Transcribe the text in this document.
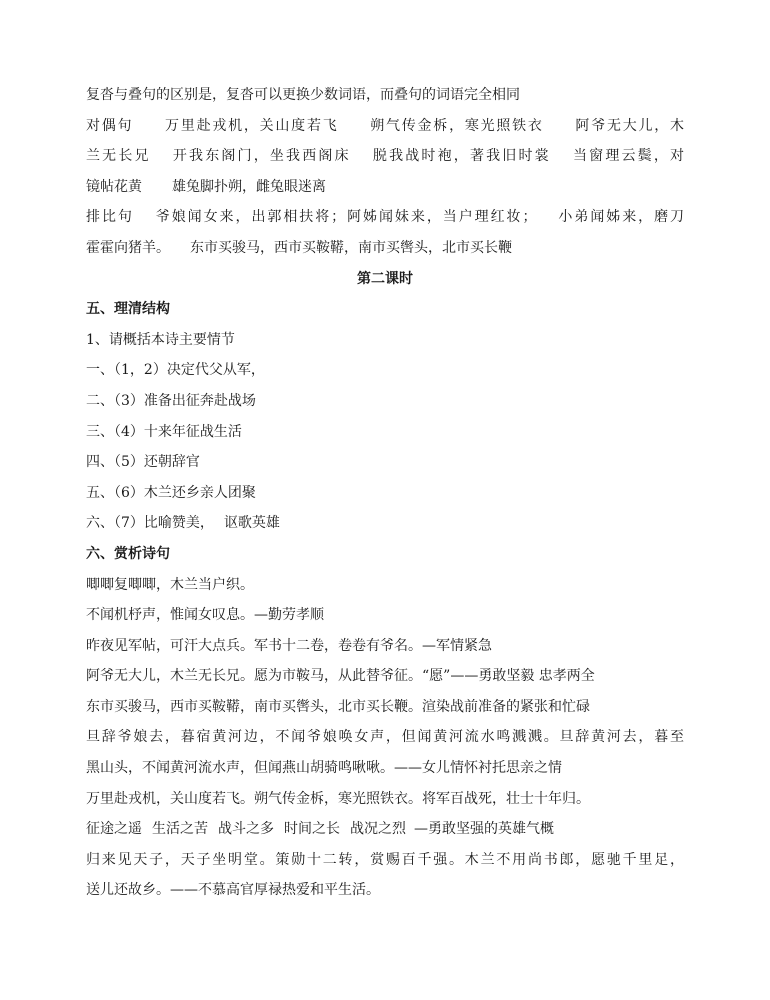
复沓与叠句的区别是，复沓可以更换少数词语，而叠句的词语完全相同
对偶句 万里赴戎机，关山度若飞 朔气传金柝，寒光照铁衣 阿爷无大儿，木
兰无长兄 开我东阁门，坐我西阁床 脱我战时袍，著我旧时裳 当窗理云鬓，对
镜帖花黄 雄兔脚扑朔，雌兔眼迷离
排比句 爷娘闻女来，出郭相扶将；阿姊闻妹来，当户理红妆； 小弟闻姊来，磨刀
霍霍向猪羊。 东市买骏马，西市买鞍鞯，南市买辔头，北市买长鞭
第二课时
五、理清结构
1、请概括本诗主要情节
一、（1，2）决定代父从军，
二、（3）准备出征奔赴战场
三、（4）十来年征战生活
四、（5）还朝辞官
五、（6）木兰还乡亲人团聚
六、（7）比喻赞美， 讴歌英雄
六、赏析诗句
唧唧复唧唧，木兰当户织。
不闻机杼声，惟闻女叹息。—勤劳孝顺
昨夜见军帖，可汗大点兵。军书十二卷，卷卷有爷名。—军情紧急
阿爷无大儿，木兰无长兄。愿为市鞍马，从此替爷征。“愿”——勇敢坚毅 忠孝两全
东市买骏马，西市买鞍鞯，南市买辔头，北市买长鞭。渲染战前准备的紧张和忙碌
旦辞爷娘去，暮宿黄河边，不闻爷娘唤女声，但闻黄河流水鸣溅溅。旦辞黄河去，暮至
黑山头，不闻黄河流水声，但闻燕山胡骑鸣啾啾。——女儿情怀衬托思亲之情
万里赴戎机，关山度若飞。朔气传金柝，寒光照铁衣。将军百战死，壮士十年归。
征途之遥 生活之苦 战斗之多 时间之长 战况之烈 —勇敢坚强的英雄气概
归来见天子，天子坐明堂。策勋十二转，赏赐百千强。木兰不用尚书郎，愿驰千里足，
送儿还故乡。——不慕高官厚禄热爱和平生活。
